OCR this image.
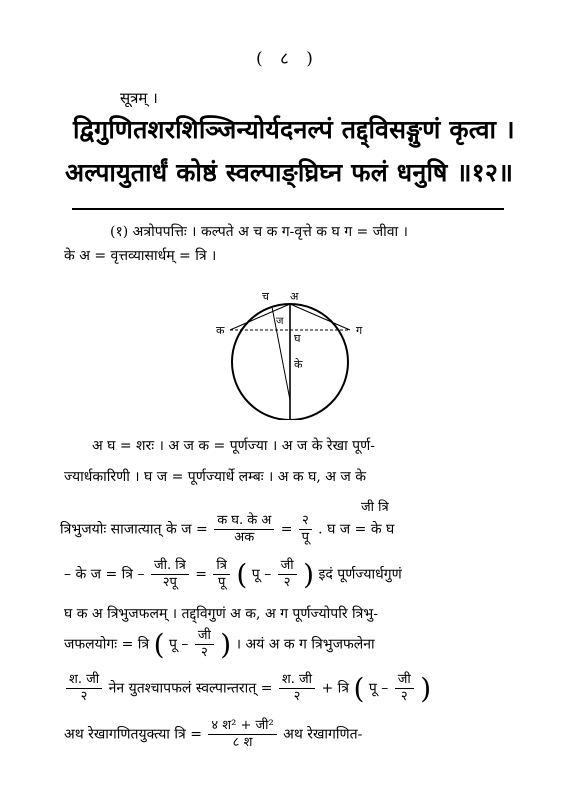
( ८ )
सूत्रम् ।
द्विगुणितशरशिञ्जिन्योर्यदनल्पं तद्द्विसङ्गुणं कृत्वा ।
अल्पायुतार्धं कोष्ठं स्वल्पाङ्घ्रिघ्न फलं धनुषि ॥१२॥
(१) अत्रोपपत्तिः । कल्पते अ च क ग-वृत्ते क घ ग = जीवा ।
के अ = वृत्तव्यासार्धम् = त्रि ।
च अ
ज
क	ग
घ
के
अ घ = शरः । अ ज क = पूर्णज्या । अ ज के रेखा पूर्ण-
ज्यार्धकारिणी । घ ज = पूर्णज्यार्धे लम्बः । अ क घ, अ ज के
जी त्रि
त्रिभुजयोः साजात्यात् के ज = $\frac{\text{क घ. के अ}}{\text{अक}} = \frac{२}{\text{पू}}$ . घ ज = के घ
– के ज = त्रि – $\frac{\text{जी. त्रि}}{\text{२पू}} = \frac{\text{त्रि}}{\text{पू}}$ ( पू – $\frac{\text{जी}}{२}$ ) इदं पूर्णज्यार्धगुणं
घ क अ त्रिभुजफलम् । तद्द्विगुणं अ क, अ ग पूर्णज्योपरि त्रिभु-
जफलयोगः = त्रि ( पू – $\frac{\text{जी}}{२}$ ) । अयं अ क ग त्रिभुजफलेना
$\frac{\text{श. जी}}{२}$ नेन युतश्चापफलं स्वल्पान्तरात् = $\frac{\text{श. जी}}{२}$ + त्रि ( पू – $\frac{\text{जी}}{२}$ )
अथ रेखागणितयुक्त्या त्रि = $\frac{\text{४ श² + जी²}}{\text{८ श}}$ अथ रेखागणित-
